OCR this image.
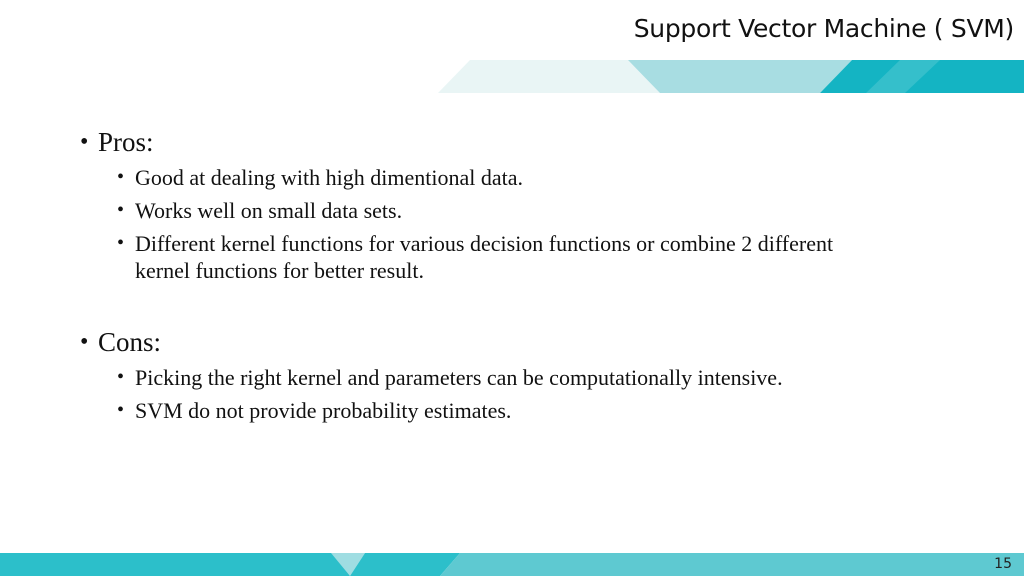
Support Vector Machine ( SVM)
• Pros:
• Good at dealing with high dimentional data.
• Works well on small data sets.
• Different kernel functions for various decision functions or combine 2 different kernel functions for better result.
• Cons:
• Picking the right kernel and parameters can be computationally intensive.
• SVM do not provide probability estimates.
15
